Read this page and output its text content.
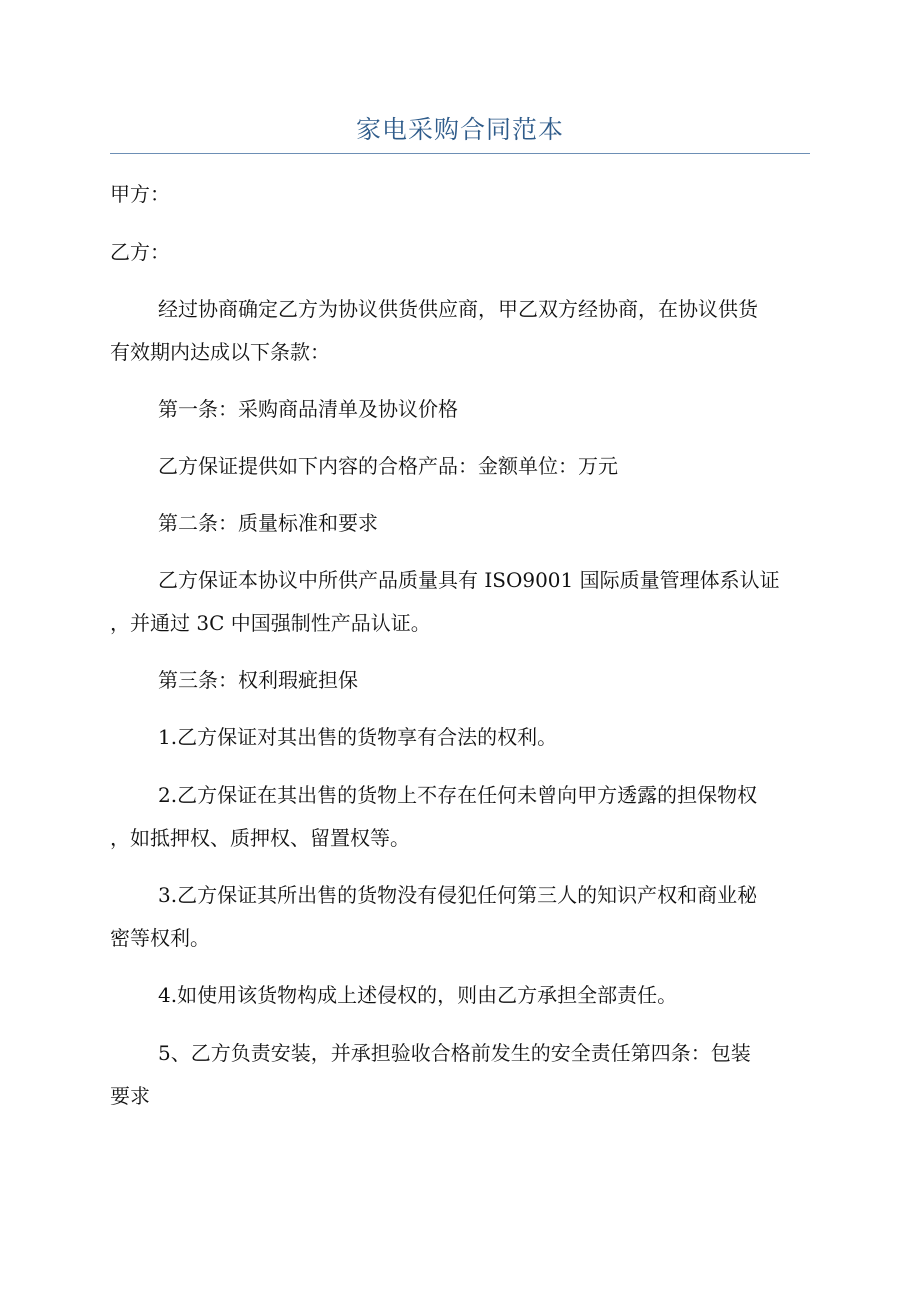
家电采购合同范本
甲方：
乙方：
经过协商确定乙方为协议供货供应商，甲乙双方经协商，在协议供货
有效期内达成以下条款：
第一条：采购商品清单及协议价格
乙方保证提供如下内容的合格产品：金额单位：万元
第二条：质量标准和要求
乙方保证本协议中所供产品质量具有 ISO9001 国际质量管理体系认证
，并通过 3C 中国强制性产品认证。
第三条：权利瑕疵担保
1.乙方保证对其出售的货物享有合法的权利。
2.乙方保证在其出售的货物上不存在任何未曾向甲方透露的担保物权
，如抵押权、质押权、留置权等。
3.乙方保证其所出售的货物没有侵犯任何第三人的知识产权和商业秘
密等权利。
4.如使用该货物构成上述侵权的，则由乙方承担全部责任。
5、乙方负责安装，并承担验收合格前发生的安全责任第四条：包装
要求
